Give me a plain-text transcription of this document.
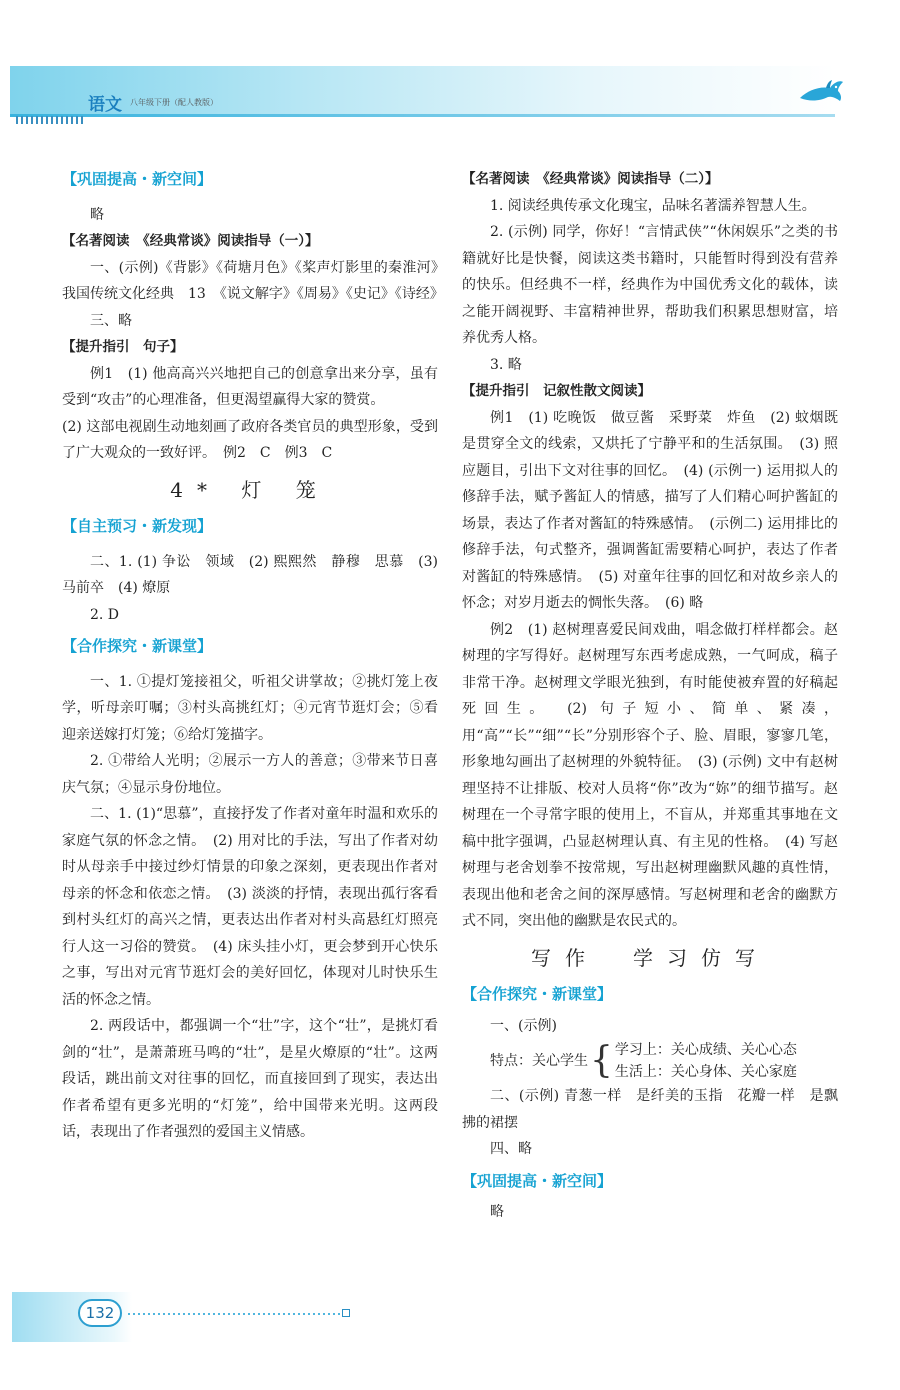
语文 八年级下册（配人教版）
【巩固提高・新空间】
略
【名著阅读　《经典常谈》阅读指导（一）】
一、(示例)《背影》《荷塘月色》《桨声灯影里的秦淮河》　我国传统文化经典　13　《说文解字》《周易》《史记》《诗经》
三、略
【提升指引　句子】
例1　(1) 他高高兴兴地把自己的创意拿出来分享，虽有受到“攻击”的心理准备，但更渴望赢得大家的赞赏。
(2) 这部电视剧生动地刻画了政府各类官员的典型形象，受到了广大观众的一致好评。　例2　C　例3　C
4* 灯 笼
【自主预习・新发现】
二、1. (1) 争讼　领域　(2) 熙熙然　静穆　思慕　(3) 马前卒　(4) 燎原
2. D
【合作探究・新课堂】
一、1. ①提灯笼接祖父，听祖父讲掌故；②挑灯笼上夜学，听母亲叮嘱；③村头高挑红灯；④元宵节逛灯会；⑤看迎亲送嫁打灯笼；⑥给灯笼描字。
2. ①带给人光明；②展示一方人的善意；③带来节日喜庆气氛；④显示身份地位。
二、1. (1)“思慕”，直接抒发了作者对童年时温和欢乐的家庭气氛的怀念之情。　(2) 用对比的手法，写出了作者对幼时从母亲手中接过纱灯情景的印象之深刻，更表现出作者对母亲的怀念和依恋之情。　(3) 淡淡的抒情，表现出孤行客看到村头红灯的高兴之情，更表达出作者对村头高悬红灯照亮行人这一习俗的赞赏。　(4) 床头挂小灯，更会梦到开心快乐之事，写出对元宵节逛灯会的美好回忆，体现对儿时快乐生活的怀念之情。
2. 两段话中，都强调一个“壮”字，这个“壮”，是挑灯看剑的“壮”，是萧萧班马鸣的“壮”，是星火燎原的“壮”。这两段话，跳出前文对往事的回忆，而直接回到了现实，表达出作者希望有更多光明的“灯笼”，给中国带来光明。这两段话，表现出了作者强烈的爱国主义情感。
【名著阅读　《经典常谈》阅读指导（二）】
1. 阅读经典传承文化瑰宝，品味名著濡养智慧人生。
2. (示例) 同学，你好！“言情武侠”“休闲娱乐”之类的书籍就好比是快餐，阅读这类书籍时，只能暂时得到没有营养的快乐。但经典不一样，经典作为中国优秀文化的载体，读之能开阔视野、丰富精神世界，帮助我们积累思想财富，培养优秀人格。
3. 略
【提升指引　记叙性散文阅读】
例1　(1) 吃晚饭　做豆酱　采野菜　炸鱼　(2) 蚊烟既是贯穿全文的线索，又烘托了宁静平和的生活氛围。　(3) 照应题目，引出下文对往事的回忆。　(4) (示例一) 运用拟人的修辞手法，赋予酱缸人的情感，描写了人们精心呵护酱缸的场景，表达了作者对酱缸的特殊感情。　(示例二) 运用排比的修辞手法，句式整齐，强调酱缸需要精心呵护，表达了作者对酱缸的特殊感情。　(5) 对童年往事的回忆和对故乡亲人的怀念；对岁月逝去的惆怅失落。　(6) 略
例2　(1) 赵树理喜爱民间戏曲，唱念做打样样都会。赵树理的字写得好。赵树理写东西考虑成熟，一气呵成，稿子非常干净。赵树理文学眼光独到，有时能使被弃置的好稿起死回生。　(2) 句子短小、简单、紧凑，用“高”“长”“细”“长”分别形容个子、脸、眉眼，寥寥几笔，形象地勾画出了赵树理的外貌特征。　(3) (示例) 文中有赵树理坚持不让排版、校对人员将“你”改为“妳”的细节描写。赵树理在一个寻常字眼的使用上，不盲从，并郑重其事地在文稿中批字强调，凸显赵树理认真、有主见的性格。　(4) 写赵树理与老舍划拳不按常规，写出赵树理幽默风趣的真性情，表现出他和老舍之间的深厚感情。写赵树理和老舍的幽默方式不同，突出他的幽默是农民式的。
写作　学习仿写
【合作探究・新课堂】
一、(示例)
特点：关心学生 { 学习上：关心成绩、关心心态
生活上：关心身体、关心家庭
二、(示例) 青葱一样　是纤美的玉指　花瓣一样　是飘拂的裙摆
四、略
【巩固提高・新空间】
略
132
